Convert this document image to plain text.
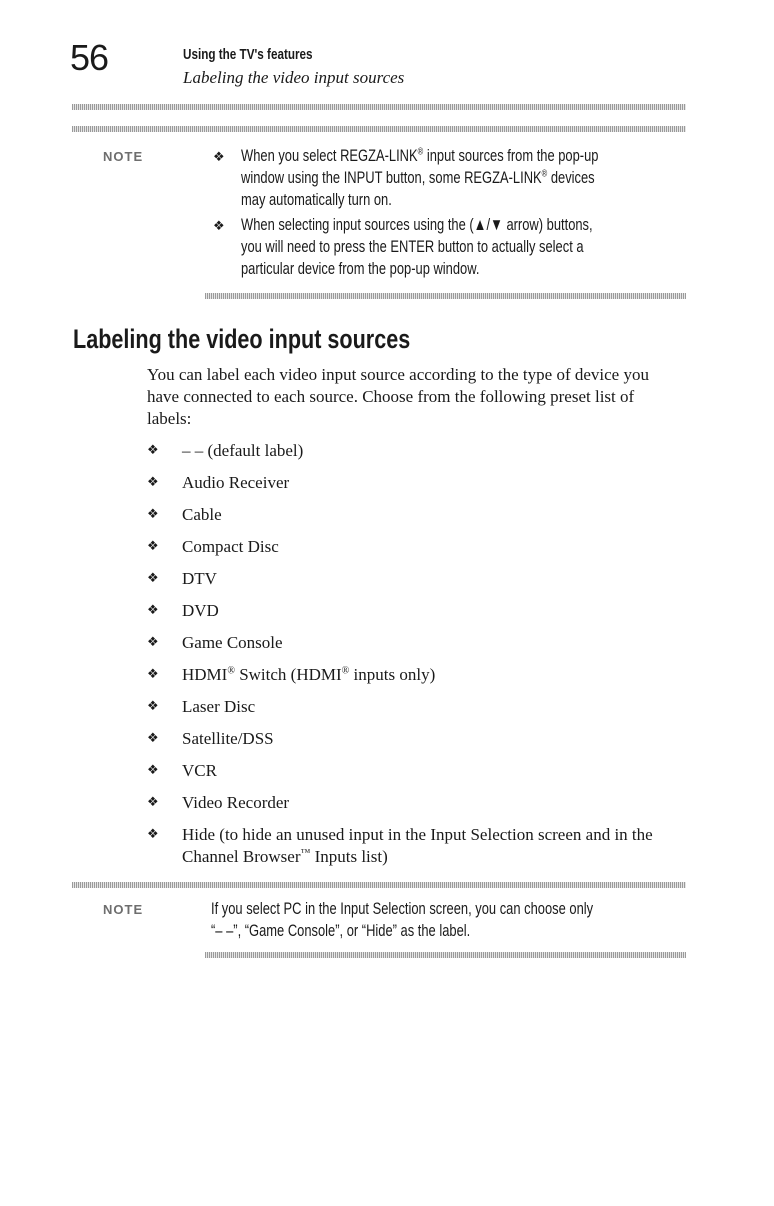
56	Using the TV's features
Labeling the video input sources
NOTE	❖ When you select REGZA-LINK® input sources from the pop-up
window using the INPUT button, some REGZA-LINK® devices
may automatically turn on.
❖ When selecting input sources using the (▲/▼ arrow) buttons,
you will need to press the ENTER button to actually select a
particular device from the pop-up window.
Labeling the video input sources
You can label each video input source according to the type of device you have connected to each source. Choose from the following preset list of labels:
❖ – – (default label)
❖ Audio Receiver
❖ Cable
❖ Compact Disc
❖ DTV
❖ DVD
❖ Game Console
❖ HDMI® Switch (HDMI® inputs only)
❖ Laser Disc
❖ Satellite/DSS
❖ VCR
❖ Video Recorder
❖ Hide (to hide an unused input in the Input Selection screen and in the Channel Browser™ Inputs list)
NOTE	If you select PC in the Input Selection screen, you can choose only
“– –”, “Game Console”, or “Hide” as the label.
